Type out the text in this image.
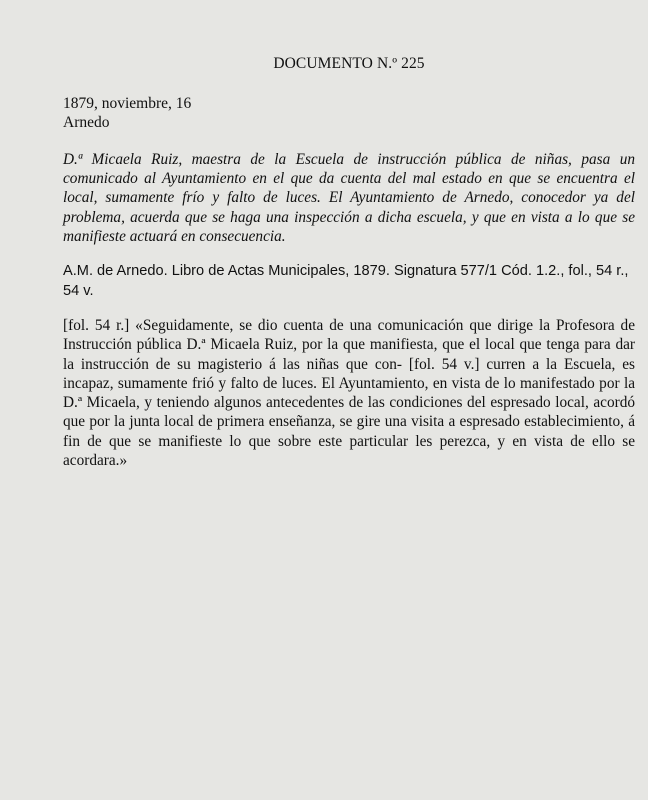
DOCUMENTO N.º 225
1879, noviembre, 16
Arnedo
D.ª Micaela Ruiz, maestra de la Escuela de instrucción pública de niñas, pasa un comunicado al Ayuntamiento en el que da cuenta del mal estado en que se encuentra el local, sumamente frío y falto de luces. El Ayuntamiento de Arnedo, conocedor ya del problema, acuerda que se haga una inspección a dicha escuela, y que en vista a lo que se manifieste actuará en consecuencia.
A.M. de Arnedo. Libro de Actas Municipales, 1879. Signatura 577/1 Cód. 1.2., fol., 54 r., 54 v.
[fol. 54 r.] «Seguidamente, se dio cuenta de una comunicación que dirige la Profesora de Instrucción pública D.ª Micaela Ruiz, por la que manifiesta, que el local que tenga para dar la instrucción de su magisterio á las niñas que con- [fol. 54 v.] curren a la Escuela, es incapaz, sumamente frió y falto de luces. El Ayuntamiento, en vista de lo manifestado por la D.ª Micaela, y teniendo algunos antecedentes de las condiciones del espresado local, acordó que por la junta local de primera enseñanza, se gire una visita a espresado establecimiento, á fin de que se manifieste lo que sobre este particular les perezca, y en vista de ello se acordara.»
